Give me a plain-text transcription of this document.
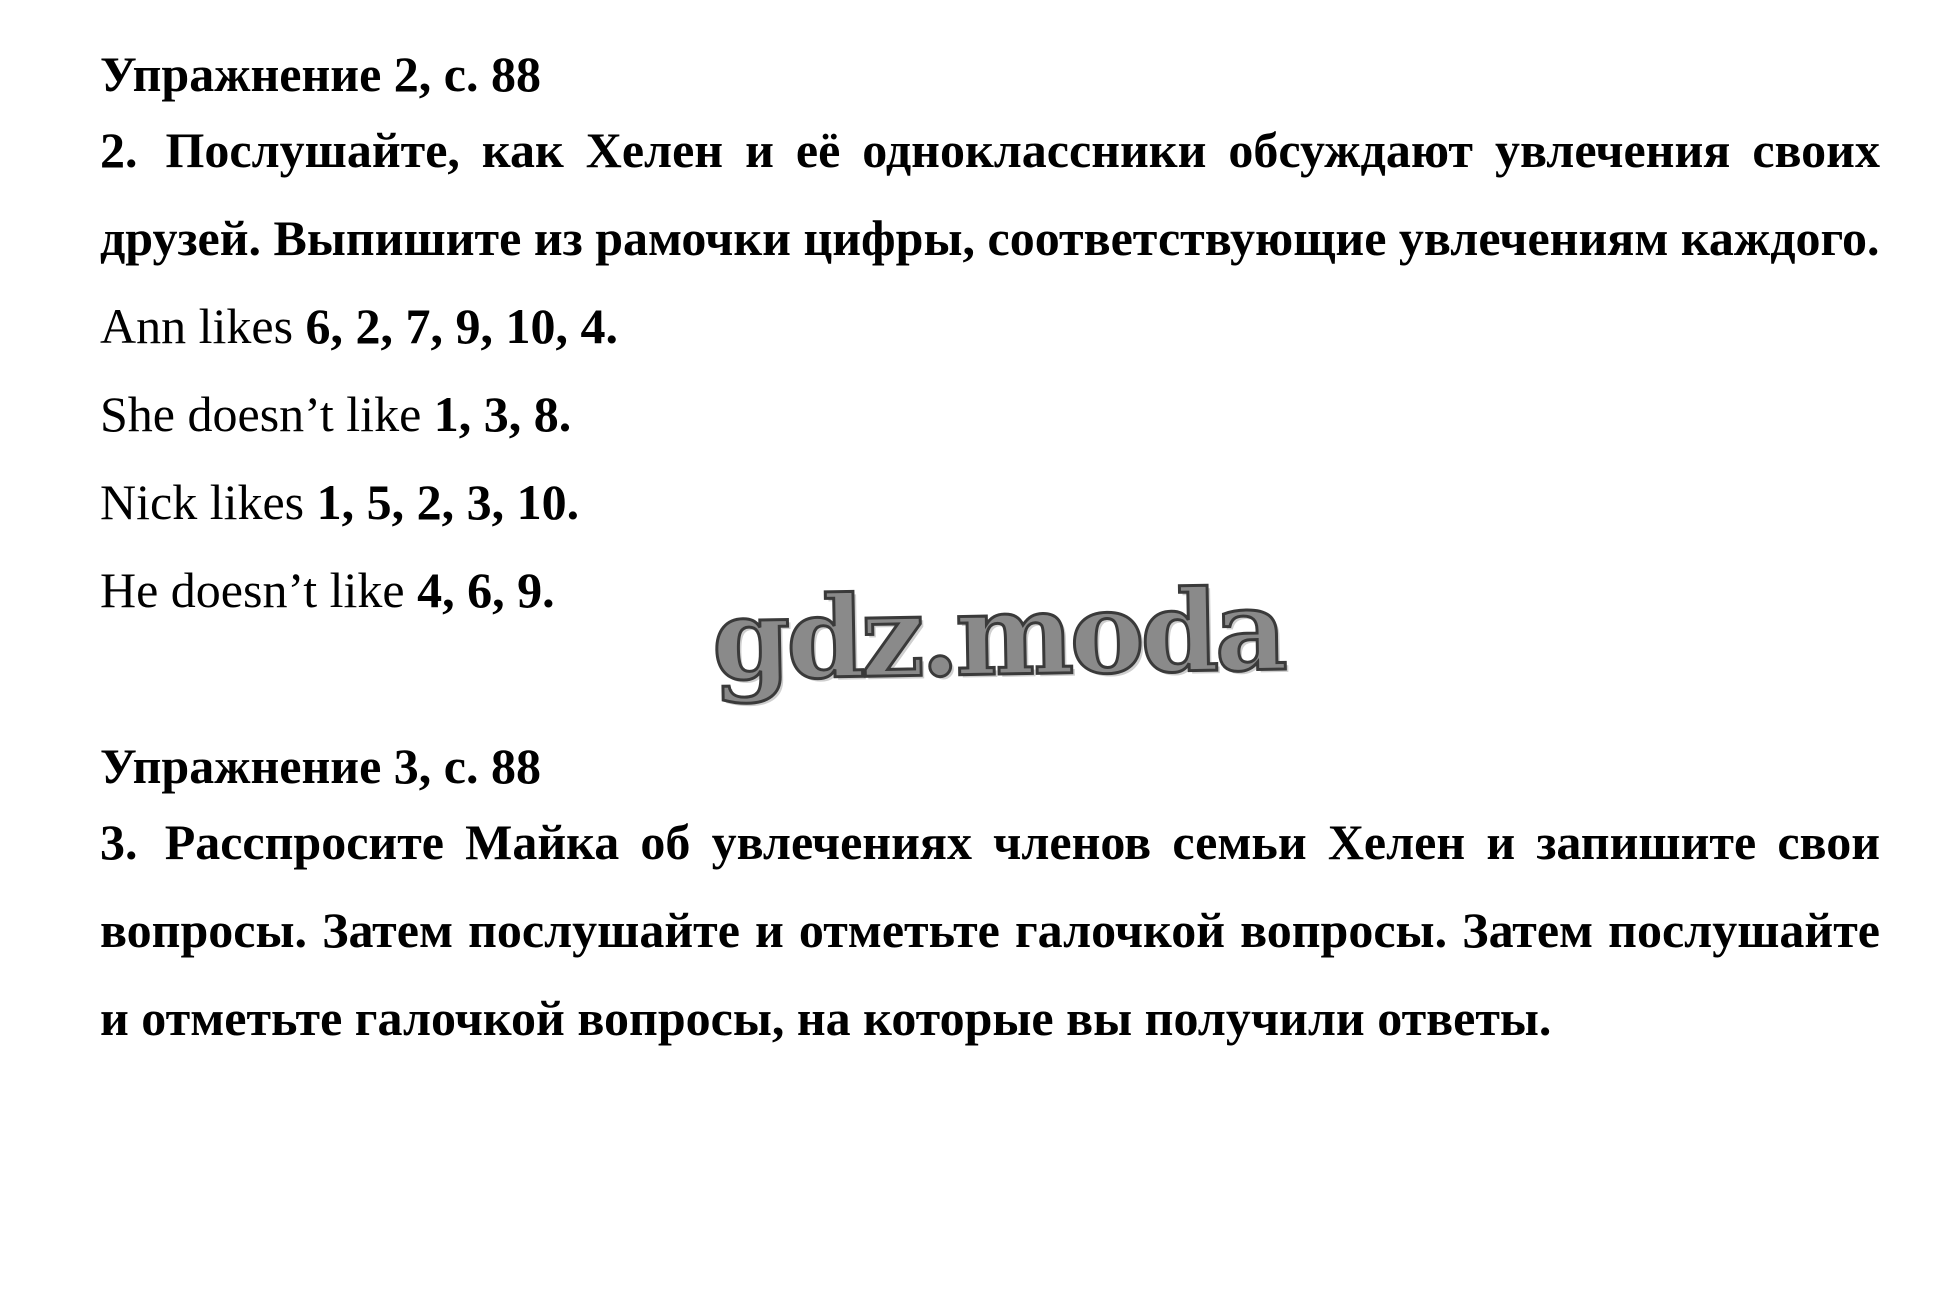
Упражнение 2, с. 88

2. Послушайте, как Хелен и её одноклассники обсуждают увлечения своих друзей. Выпишите из рамочки цифры, соответствующие увлечениям каждого.

Ann likes 6, 2, 7, 9, 10, 4.
She doesn’t like 1, 3, 8.
Nick likes 1, 5, 2, 3, 10.
He doesn’t like 4, 6, 9.
Упражнение 3, с. 88

3. Расспросите Майка об увлечениях членов семьи Хелен и запишите свои вопросы. Затем послушайте и отметьте галочкой вопросы. Затем послушайте и отметьте галочкой вопросы, на которые вы получили ответы.

gdz.moda
